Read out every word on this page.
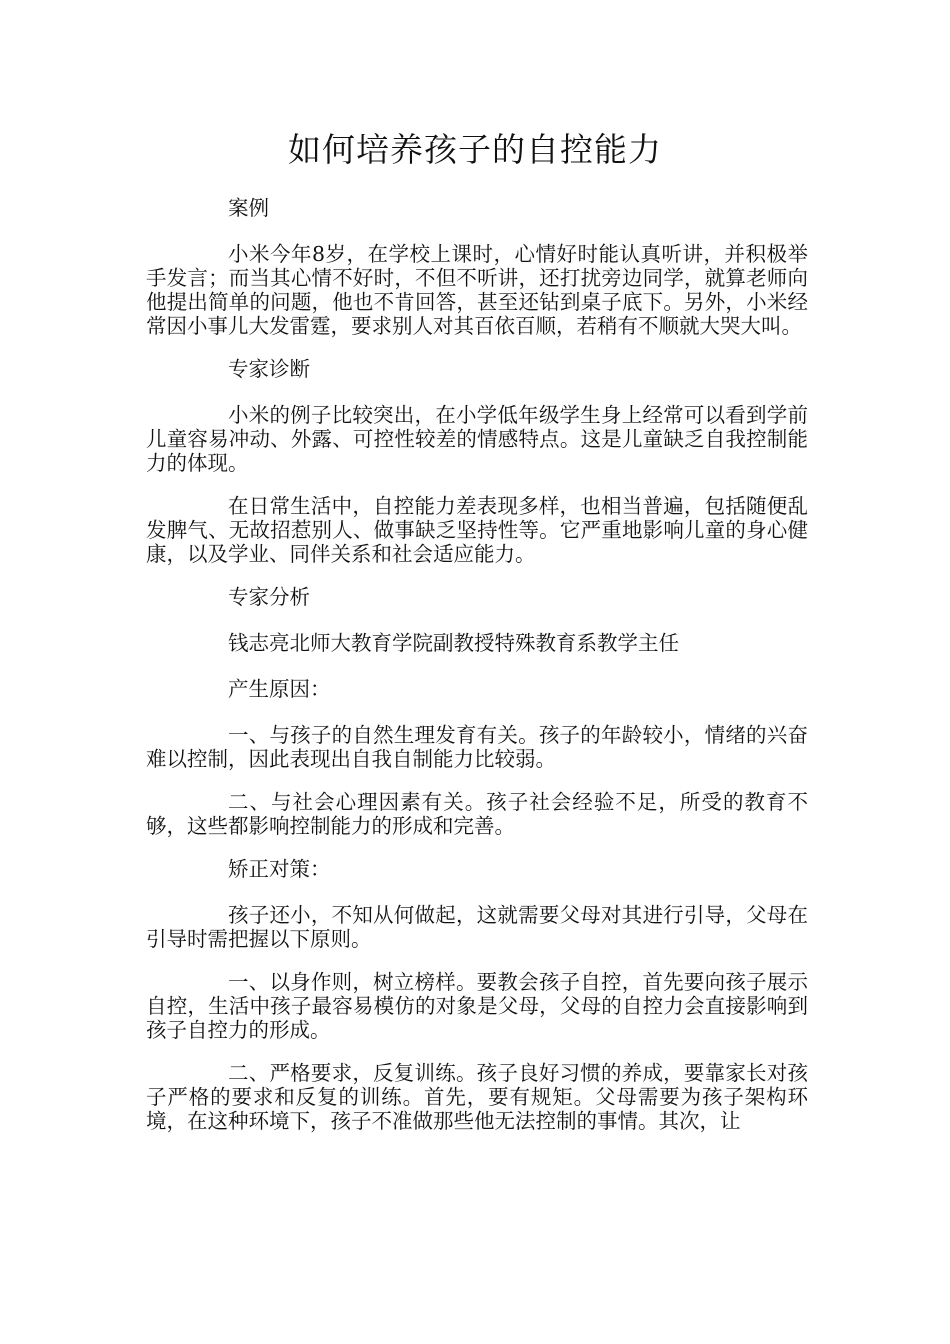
如何培养孩子的自控能力

案例

小米今年8岁，在学校上课时，心情好时能认真听讲，并积极举手发言；而当其心情不好时，不但不听讲，还打扰旁边同学，就算老师向他提出简单的问题，他也不肯回答，甚至还钻到桌子底下。另外，小米经常因小事儿大发雷霆，要求别人对其百依百顺，若稍有不顺就大哭大叫。

专家诊断

小米的例子比较突出，在小学低年级学生身上经常可以看到学前儿童容易冲动、外露、可控性较差的情感特点。这是儿童缺乏自我控制能力的体现。

在日常生活中，自控能力差表现多样，也相当普遍，包括随便乱发脾气、无故招惹别人、做事缺乏坚持性等。它严重地影响儿童的身心健康，以及学业、同伴关系和社会适应能力。

专家分析

钱志亮北师大教育学院副教授特殊教育系教学主任

产生原因：

一、与孩子的自然生理发育有关。孩子的年龄较小，情绪的兴奋难以控制，因此表现出自我自制能力比较弱。

二、与社会心理因素有关。孩子社会经验不足，所受的教育不够，这些都影响控制能力的形成和完善。

矫正对策：

孩子还小，不知从何做起，这就需要父母对其进行引导，父母在引导时需把握以下原则。

一、以身作则，树立榜样。要教会孩子自控，首先要向孩子展示自控，生活中孩子最容易模仿的对象是父母，父母的自控力会直接影响到孩子自控力的形成。

二、严格要求，反复训练。孩子良好习惯的养成，要靠家长对孩子严格的要求和反复的训练。首先，要有规矩。父母需要为孩子架构环境，在这种环境下，孩子不准做那些他无法控制的事情。其次，让
